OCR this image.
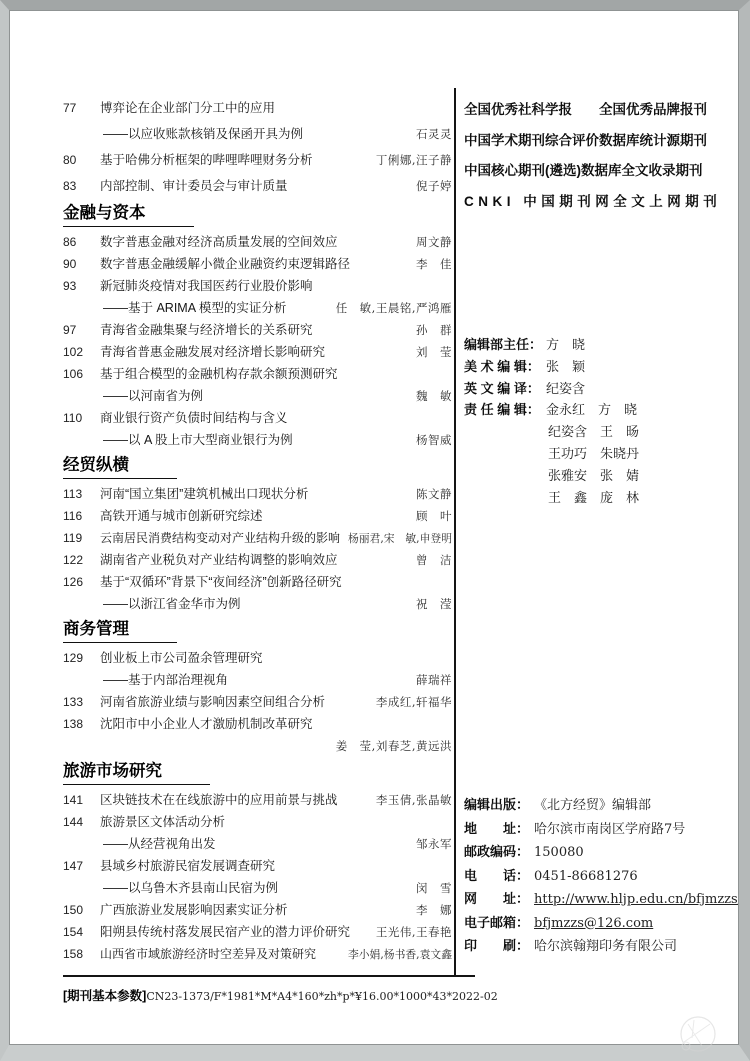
77	博弈论在企业部门分工中的应用
——以应收账款核销及保函开具为例	石灵灵
80	基于哈佛分析框架的哔哩哔哩财务分析	丁俐娜,汪子静
83	内部控制、审计委员会与审计质量	倪子婷
金融与资本
86	数字普惠金融对经济高质量发展的空间效应	周文静
90	数字普惠金融缓解小微企业融资约束逻辑路径	李　佳
93	新冠肺炎疫情对我国医药行业股价影响
——基于 ARIMA 模型的实证分析	任　敏,王晨铭,严鸿雁
97	青海省金融集聚与经济增长的关系研究	孙　群
102	青海省普惠金融发展对经济增长影响研究	刘　莹
106	基于组合模型的金融机构存款余额预测研究
——以河南省为例	魏　敏
110	商业银行资产负债时间结构与含义
——以 A 股上市大型商业银行为例	杨智威
经贸纵横
113	河南“国立集团”建筑机械出口现状分析	陈文静
116	高铁开通与城市创新研究综述	顾　叶
119	云南居民消费结构变动对产业结构升级的影响 杨丽君,宋　敏,申登明
122	湖南省产业税负对产业结构调整的影响效应	曾　洁
126	基于“双循环”背景下“夜间经济”创新路径研究
——以浙江省金华市为例	祝　滢
商务管理
129	创业板上市公司盈余管理研究
——基于内部治理视角	薛瑞祥
133	河南省旅游业绩与影响因素空间组合分析	李成红,轩福华
138	沈阳市中小企业人才激励机制改革研究
姜　莹,刘春芝,黄远洪
旅游市场研究
141	区块链技术在在线旅游中的应用前景与挑战	李玉倩,张晶敏
144	旅游景区文体活动分析
——从经营视角出发	邹永军
147	县域乡村旅游民宿发展调查研究
——以乌鲁木齐县南山民宿为例	闵　雪
150	广西旅游业发展影响因素实证分析	李　娜
154	阳朔县传统村落发展民宿产业的潜力评价研究 王光伟,王春艳
158	山西省市域旅游经济时空差异及对策研究	李小娟,杨书香,袁文鑫
全国优秀社科学报　　全国优秀品牌报刊
中国学术期刊综合评价数据库统计源期刊
中国核心期刊(遴选)数据库全文收录期刊
CNKI 中国期刊网全文上网期刊
编辑部主任： 方　晓
美 术 编 辑： 张　颖
英 文 编 译： 纪姿含
责 任 编 辑： 金永红　方　晓
纪姿含　王　旸
王功巧　朱晓丹
张雅安　张　婧
王　鑫　庞　林
编辑出版： 《北方经贸》编辑部
地　　址： 哈尔滨市南岗区学府路7号
邮政编码： 150080
电　　话： 0451-86681276
网　　址： http://www.hljp.edu.cn/bfjmzzs/
电子邮箱： bfjmzzs@126.com
印　　刷： 哈尔滨翰翔印务有限公司
[期刊基本参数]CN23-1373/F*1981*M*A4*160*zh*p*¥16.00*1000*43*2022-02
